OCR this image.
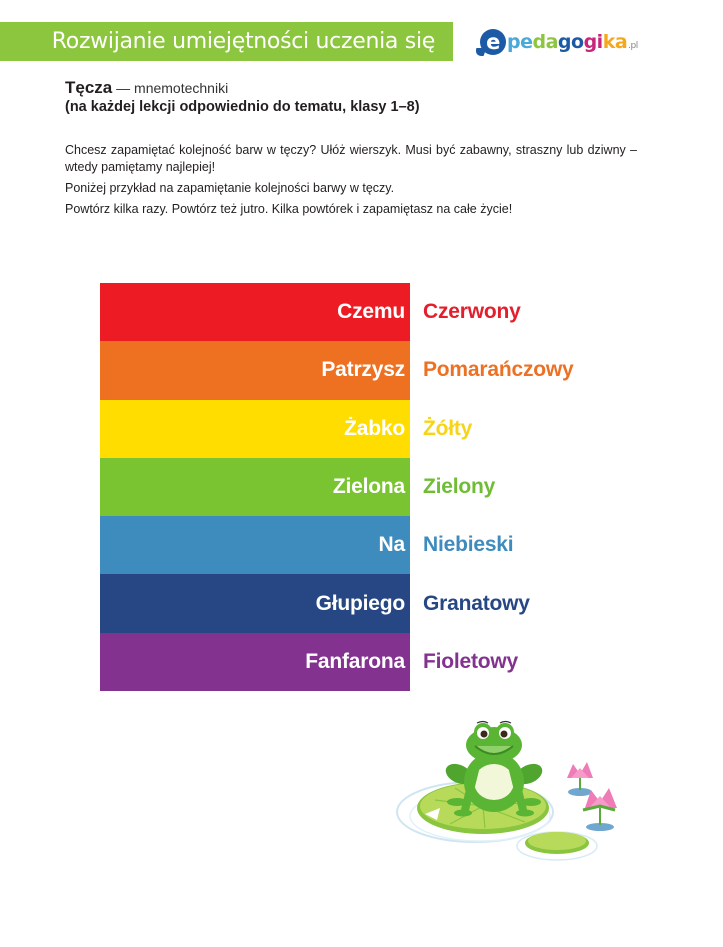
Rozwijanie umiejętności uczenia się e pe da go gi ka .pl
Tęcza — mnemotechniki
(na każdej lekcji odpowiednio do tematu, klasy 1–8)

Chcesz zapamiętać kolejność barw w tęczy? Ułóż wierszyk. Musi być zabawny, straszny lub dziwny – wtedy pamiętamy najlepiej!

Poniżej przykład na zapamiętanie kolejności barwy w tęczy.

Powtórz kilka razy. Powtórz też jutro. Kilka powtórek i zapamiętasz na całe życie!

Czemu Czerwony
Patrzysz Pomarańczowy
Żabko Żółty
Zielona Zielony
Na Niebieski
Głupiego Granatowy
Fanfarona Fioletowy
